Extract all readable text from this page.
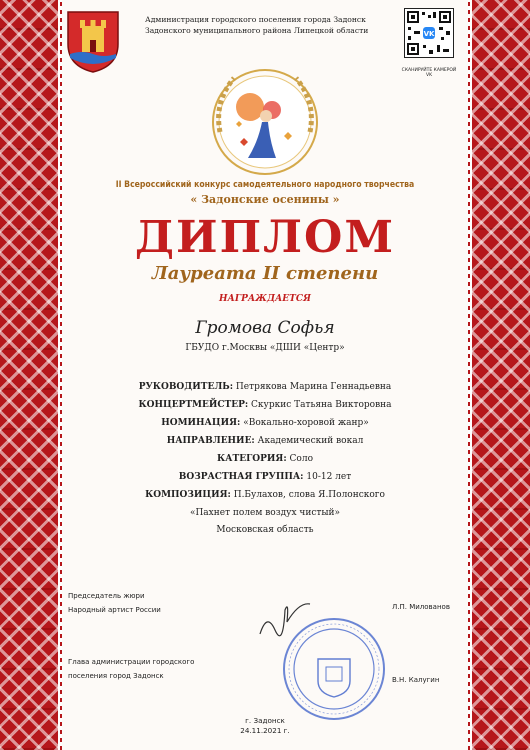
Администрация городского поселения города Задонск
Задонского муниципального района Липецкой области	VK
СКАНИРУЙТЕ КАМЕРОЙ VK
II Всероссийский конкурс самодеятельного народного творчества
« Задонские осенины »
ДИПЛОМ
Лауреата II степени
НАГРАЖДАЕТСЯ
Громова Софья
ГБУДО г.Москвы «ДШИ «Центр»
РУКОВОДИТЕЛЬ: Петрякова Марина Геннадьевна
КОНЦЕРТМЕЙСТЕР: Скуркис Татьяна Викторовна
НОМИНАЦИЯ: «Вокально-хоровой жанр»
НАПРАВЛЕНИЕ: Академический вокал
КАТЕГОРИЯ: Соло
ВОЗРАСТНАЯ ГРУППА: 10-12 лет
КОМПОЗИЦИЯ: П.Булахов, слова Я.Полонского
«Пахнет полем воздух чистый»
Московская область
Председатель жюри
Народный артист России	Л.П. Милованов
Глава администрации городского
поселения город Задонск	В.Н. Калугин
г. Задонск
24.11.2021 г.
